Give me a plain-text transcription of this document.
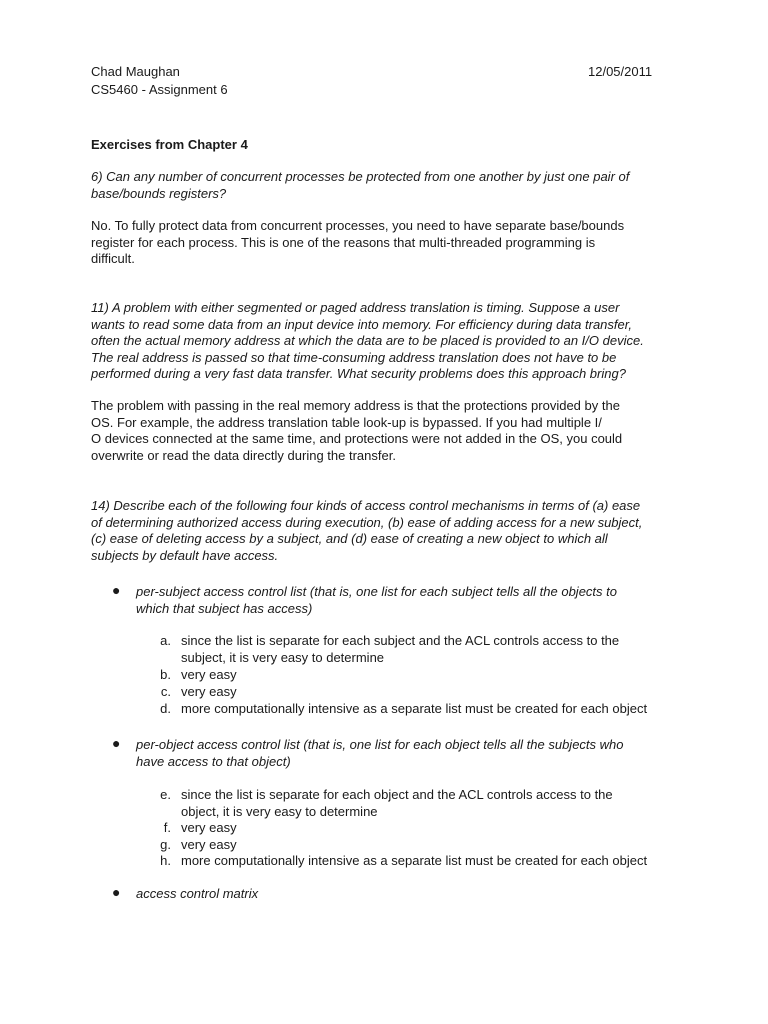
Chad Maughan	12/05/2011
CS5460 - Assignment 6
Exercises from Chapter 4
6) Can any number of concurrent processes be protected from one another by just one pair of
base/bounds registers?
No. To fully protect data from concurrent processes, you need to have separate base/bounds
register for each process. This is one of the reasons that multi-threaded programming is
difficult.
11) A problem with either segmented or paged address translation is timing. Suppose a user
wants to read some data from an input device into memory. For efficiency during data transfer,
often the actual memory address at which the data are to be placed is provided to an I/O device.
The real address is passed so that time-consuming address translation does not have to be
performed during a very fast data transfer. What security problems does this approach bring?
The problem with passing in the real memory address is that the protections provided by the
OS. For example, the address translation table look-up is bypassed. If you had multiple I/
O devices connected at the same time, and protections were not added in the OS, you could
overwrite or read the data directly during the transfer.
14) Describe each of the following four kinds of access control mechanisms in terms of (a) ease
of determining authorized access during execution, (b) ease of adding access for a new subject,
(c) ease of deleting access by a subject, and (d) ease of creating a new object to which all
subjects by default have access.
● per-subject access control list (that is, one list for each subject tells all the objects to
which that subject has access)
a. since the list is separate for each subject and the ACL controls access to the
subject, it is very easy to determine
b. very easy
c. very easy
d. more computationally intensive as a separate list must be created for each object
● per-object access control list (that is, one list for each object tells all the subjects who
have access to that object)
e. since the list is separate for each object and the ACL controls access to the
object, it is very easy to determine
f. very easy
g. very easy
h. more computationally intensive as a separate list must be created for each object
● access control matrix
